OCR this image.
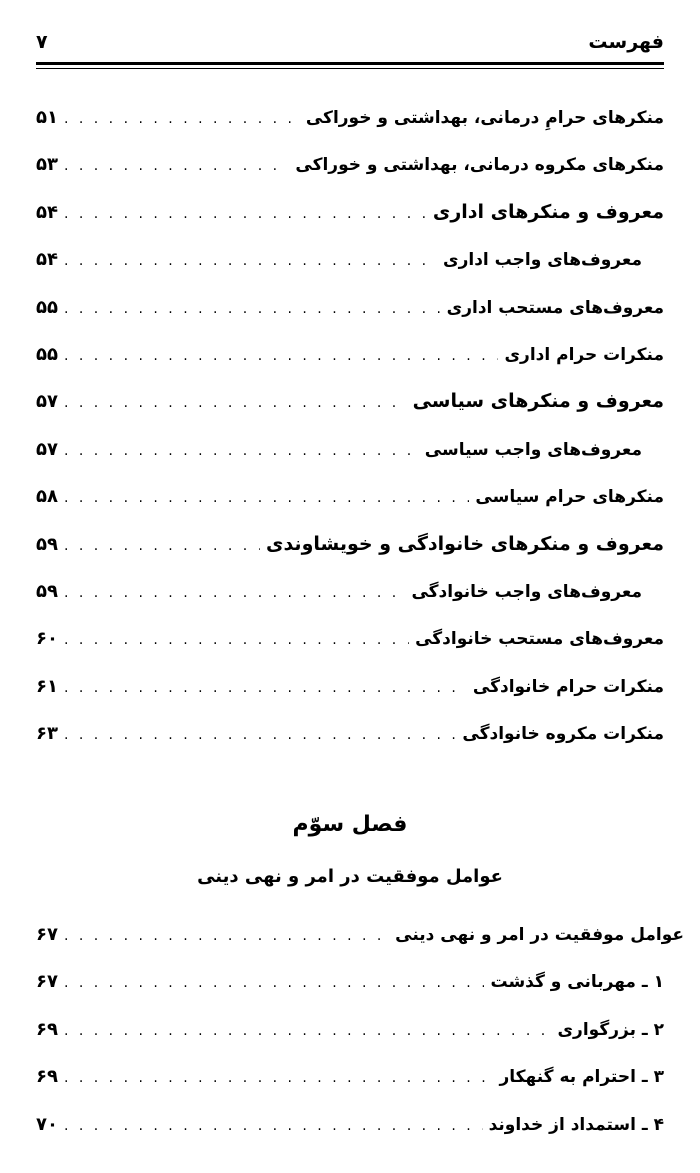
فهرست
۷
منکرهای حرامِ درمانی، بهداشتی و خوراکی
. . .
۵۱
منکرهای مکروه درمانی، بهداشتی و خوراکی
. . .
۵۳
معروف و منکرهای اداری
. . .
۵۴
معروف‌های واجب اداری
. . .
۵۴
معروف‌های مستحب اداری
. . .
۵۵
منکرات حرام اداری
. . .
۵۵
معروف و منکرهای سیاسی
. . .
۵۷
معروف‌های واجب سیاسی
. . .
۵۷
منکرهای حرام سیاسی
. . .
۵۸
معروف و منکرهای خانوادگی و خویشاوندی
. . .
۵۹
معروف‌های واجب خانوادگی
. . .
۵۹
معروف‌های مستحب خانوادگی
. . .
۶۰
منکرات حرام خانوادگی
. . .
۶۱
منکرات مکروه خانوادگی
. . .
۶۳
فصل سوّم
عوامل موفقیت در امر و نهی دینی
عوامل موفقیت در امر و نهی دینی
. . .
۶۷
۱ ـ مهربانی و گذشت
. . .
۶۷
۲ ـ بزرگواری
. . .
۶۹
۳ ـ احترام به گنهکار
. . .
۶۹
۴ ـ استمداد از خداوند
. . .
۷۰
